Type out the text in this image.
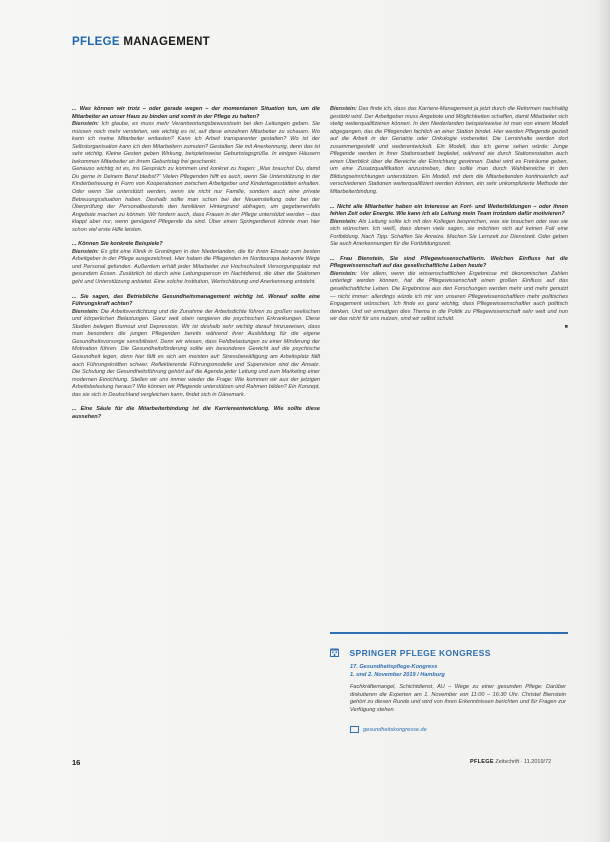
PFLEGE MANAGEMENT

... Was können wir trotz – oder gerade wegen – der momentanen Situation tun, um die Mitarbeiter an unser Haus zu binden und somit in der Pflege zu halten?

Bienstein: Ich glaube, es muss mehr Verantwortungsbewusstsein bei den Leitungen geben. Sie müssen noch mehr verstehen, wie wichtig es ist, auf diese einzelnen Mitarbeiter zu schauen. Wo kann ich meine Mitarbeiter entlasten? Kann ich Arbeit transparenter gestalten? Wo ist der Selbstorganisation kann ich den Mitarbeitern zumuten? Gestalten Sie mit Anerkennung, denn das ist sehr wichtig. Kleine Gesten geben Wirkung, beispielsweise Geburtstagsgrüße. In einigen Häusern bekommen Mitarbeiter an ihrem Geburtstag frei geschenkt.

Genauso wichtig ist es, ins Gespräch zu kommen und konkret zu fragen: „Was brauchst Du, damit Du gerne in Deinem Beruf bleibst?“ Vielen Pflegenden hilft es auch, wenn Sie Unterstützung in der Kinderbetreuung in Form von Kooperationen zwischen Arbeitgeber und Kindertagesstätten erhalten. Oder wenn Sie unterstützt werden, wenn sie nicht nur Familie, sondern auch eine private Betreuungssituation haben. Deshalb sollte man schon bei der Neueinstellung oder bei der Überprüfung der Personalbestands den familiären Hintergrund abfragen, um gegebenenfalls Angebote machen zu können. Wir fordern auch, dass Frauen in der Pflege unterstützt werden – das klappt aber nur, wenn genügend Pflegende da sind. Über einen Springerdienst könnte man hier schon viel erste Hilfe leisten.

... Können Sie konkrete Beispiele?

Bienstein: Es gibt eine Klinik in Gronlingen in den Niederlanden, die für ihren Einsatz zum besten Arbeitgeber in der Pflege ausgezeichnet. Hier haben die Pflegenden im Nordeuropa bekannte Wege und Personal gefunden. Außerdem erhält jeder Mitarbeiter zur Hochschulzeit Versorgungsplatz mit gesundem Essen. Zusätzlich ist durch eine Leitungsperson im Nachtdienst, die über die Stationen geht und Unterstützung anbietet. Eine solche Institution, Wertschätzung und Anerkennung entsteht.

... Sie sagen, das Betriebliche Gesundheitsmanagement wichtig ist. Worauf sollte eine Führungskraft achten?

Bienstein: Die Arbeitsverdichtung und die Zunahme der Arbeitsdichte führen zu großen seelischen und körperlichen Belastungen. Ganz weit oben rangieren die psychischen Erkrankungen. Diese Studien belegen Burnout und Depression. Wir ist deshalb sehr wichtig darauf hinzuweisen, dass man besonders die jungen Pflegenden bereits während ihrer Ausbildung für die eigene Gesundheitsvorsorge sensibilisiert. Denn wir wissen, dass Fehlbelastungen zu einer Minderung der Motivation führen. Die Gesundheitsförderung sollte ein besonderes Gewicht auf die psychische Gesundheit legen, denn hier fällt es sich am meisten auf: Stressbewältigung am Arbeitsplatz fällt auch Führungskräften schwer. Reflektierende Führungsmodelle und Supervision sind der Ansatz. Die Schulung der Gesundheitsführung gehört auf die Agenda jeder Leitung und zum Marketing einer modernen Einrichtung. Stellen wir uns immer wieder die Frage: Wie kommen wir aus der jetzigen Arbeitsbelastung heraus? Wie können wir Pflegende unterstützen und Rahmen bilden? Ein Konzept, das sie sich in Deutschland vergleichen kann, findet sich in Dänemark.

... Eine Säule für die Mitarbeiterbindung ist die Karriereentwicklung. Wie sollte diese aussehen?

Bienstein: Das finde ich, dass das Karriere-Management ja jetzt durch die Reformen nachhaltig gestärkt wird. Der Arbeitgeber muss Angebote und Möglichkeiten schaffen, damit Mitarbeiter sich stetig weiterqualifizieren können. In den Niederlanden beispielsweise ist man von einem Modell abgegangen, das die Pflegenden fachlich an einer Station bindet. Hier werden Pflegende gezielt auf die Arbeit in der Geriatrie oder Onkologie vorbereitet. Die Lerninhalte werden dort zusammengestellt und weiterentwickelt. Ein Modell, das ich gerne sehen würde: Junge Pflegende werden in ihrer Stationsarbeit begleitet, während sie durch Stationsrotation auch einen Überblick über die Bereiche der Einrichtung gewinnen. Dabei wird es Freiräume geben, um eine Zusatzqualifikation anzustreben, dies sollte man durch Wahlbereiche in den Bildungseinrichtungen unterstützen. Ein Modell, mit dem die Mitarbeitenden kontinuierlich auf verschiedenen Stationen weiterqualifiziert werden können, ein sehr unkomplizierte Methode der Mitarbeiterbindung.

... Nicht alle Mitarbeiter haben ein Interesse an Fort- und Weiterbildungen – oder ihnen fehlen Zeit oder Energie. Wie kann ich als Leitung mein Team trotzdem dafür motivieren?

Bienstein: Als Leitung sollte ich mit den Kollegen besprechen, was sie brauchen oder was sie sich wünschen. Ich weiß, dass denen viele sagen, sie möchten sich auf keinen Fall eine Fortbildung. Nach Tipp: Schaffen Sie Anreize. Machen Sie Lernzeit zur Dienstzeit. Oder geben Sie auch Anerkennungen für die Fortbildungszeit.

... Frau Bienstein, Sie sind Pflegewissenschaftlerin. Welchen Einfluss hat die Pflegewissenschaft auf das gesellschaftliche Leben heute?

Bienstein: Vor allem, wenn die wissenschaftlichen Ergebnisse mit ökonomischen Zahlen unterlegt werden können, hat die Pflegewissenschaft einen großen Einfluss auf das gesellschaftliche Leben. Die Ergebnisse aus den Forschungen werden mehr und mehr genutzt — nicht immer: allerdings würde ich mir von unseren Pflegewissenschaftlern mehr politisches Engagement wünschen. Ich finde es ganz wichtig, dass Pflegewissenschaftler auch politisch denken. Und wir ermutigen dies Thema in die Politik zu Pflegewissenschaft sehr weit und nun wir das nicht für uns nutzen, sind wir selbst schuld.

■

SPRINGER PFLEGE KONGRESS
17. Gesundheitspflege-Kongress
1. und 2. November 2019 / Hamburg
Fachkräftemangel, Schichtdienst, AU – Wege zu einer gesunden Pflege: Darüber diskutieren die Experten am 1. November von 11:00 – 16:30 Uhr. Christel Bienstein gehört zu diesen Runde und wird von ihren Erkenntnissen berichten und für Fragen zur Verfügung stehen.
gesundheitskongresse.de
16	PFLEGE Zeitschrift · 11.2019/72
